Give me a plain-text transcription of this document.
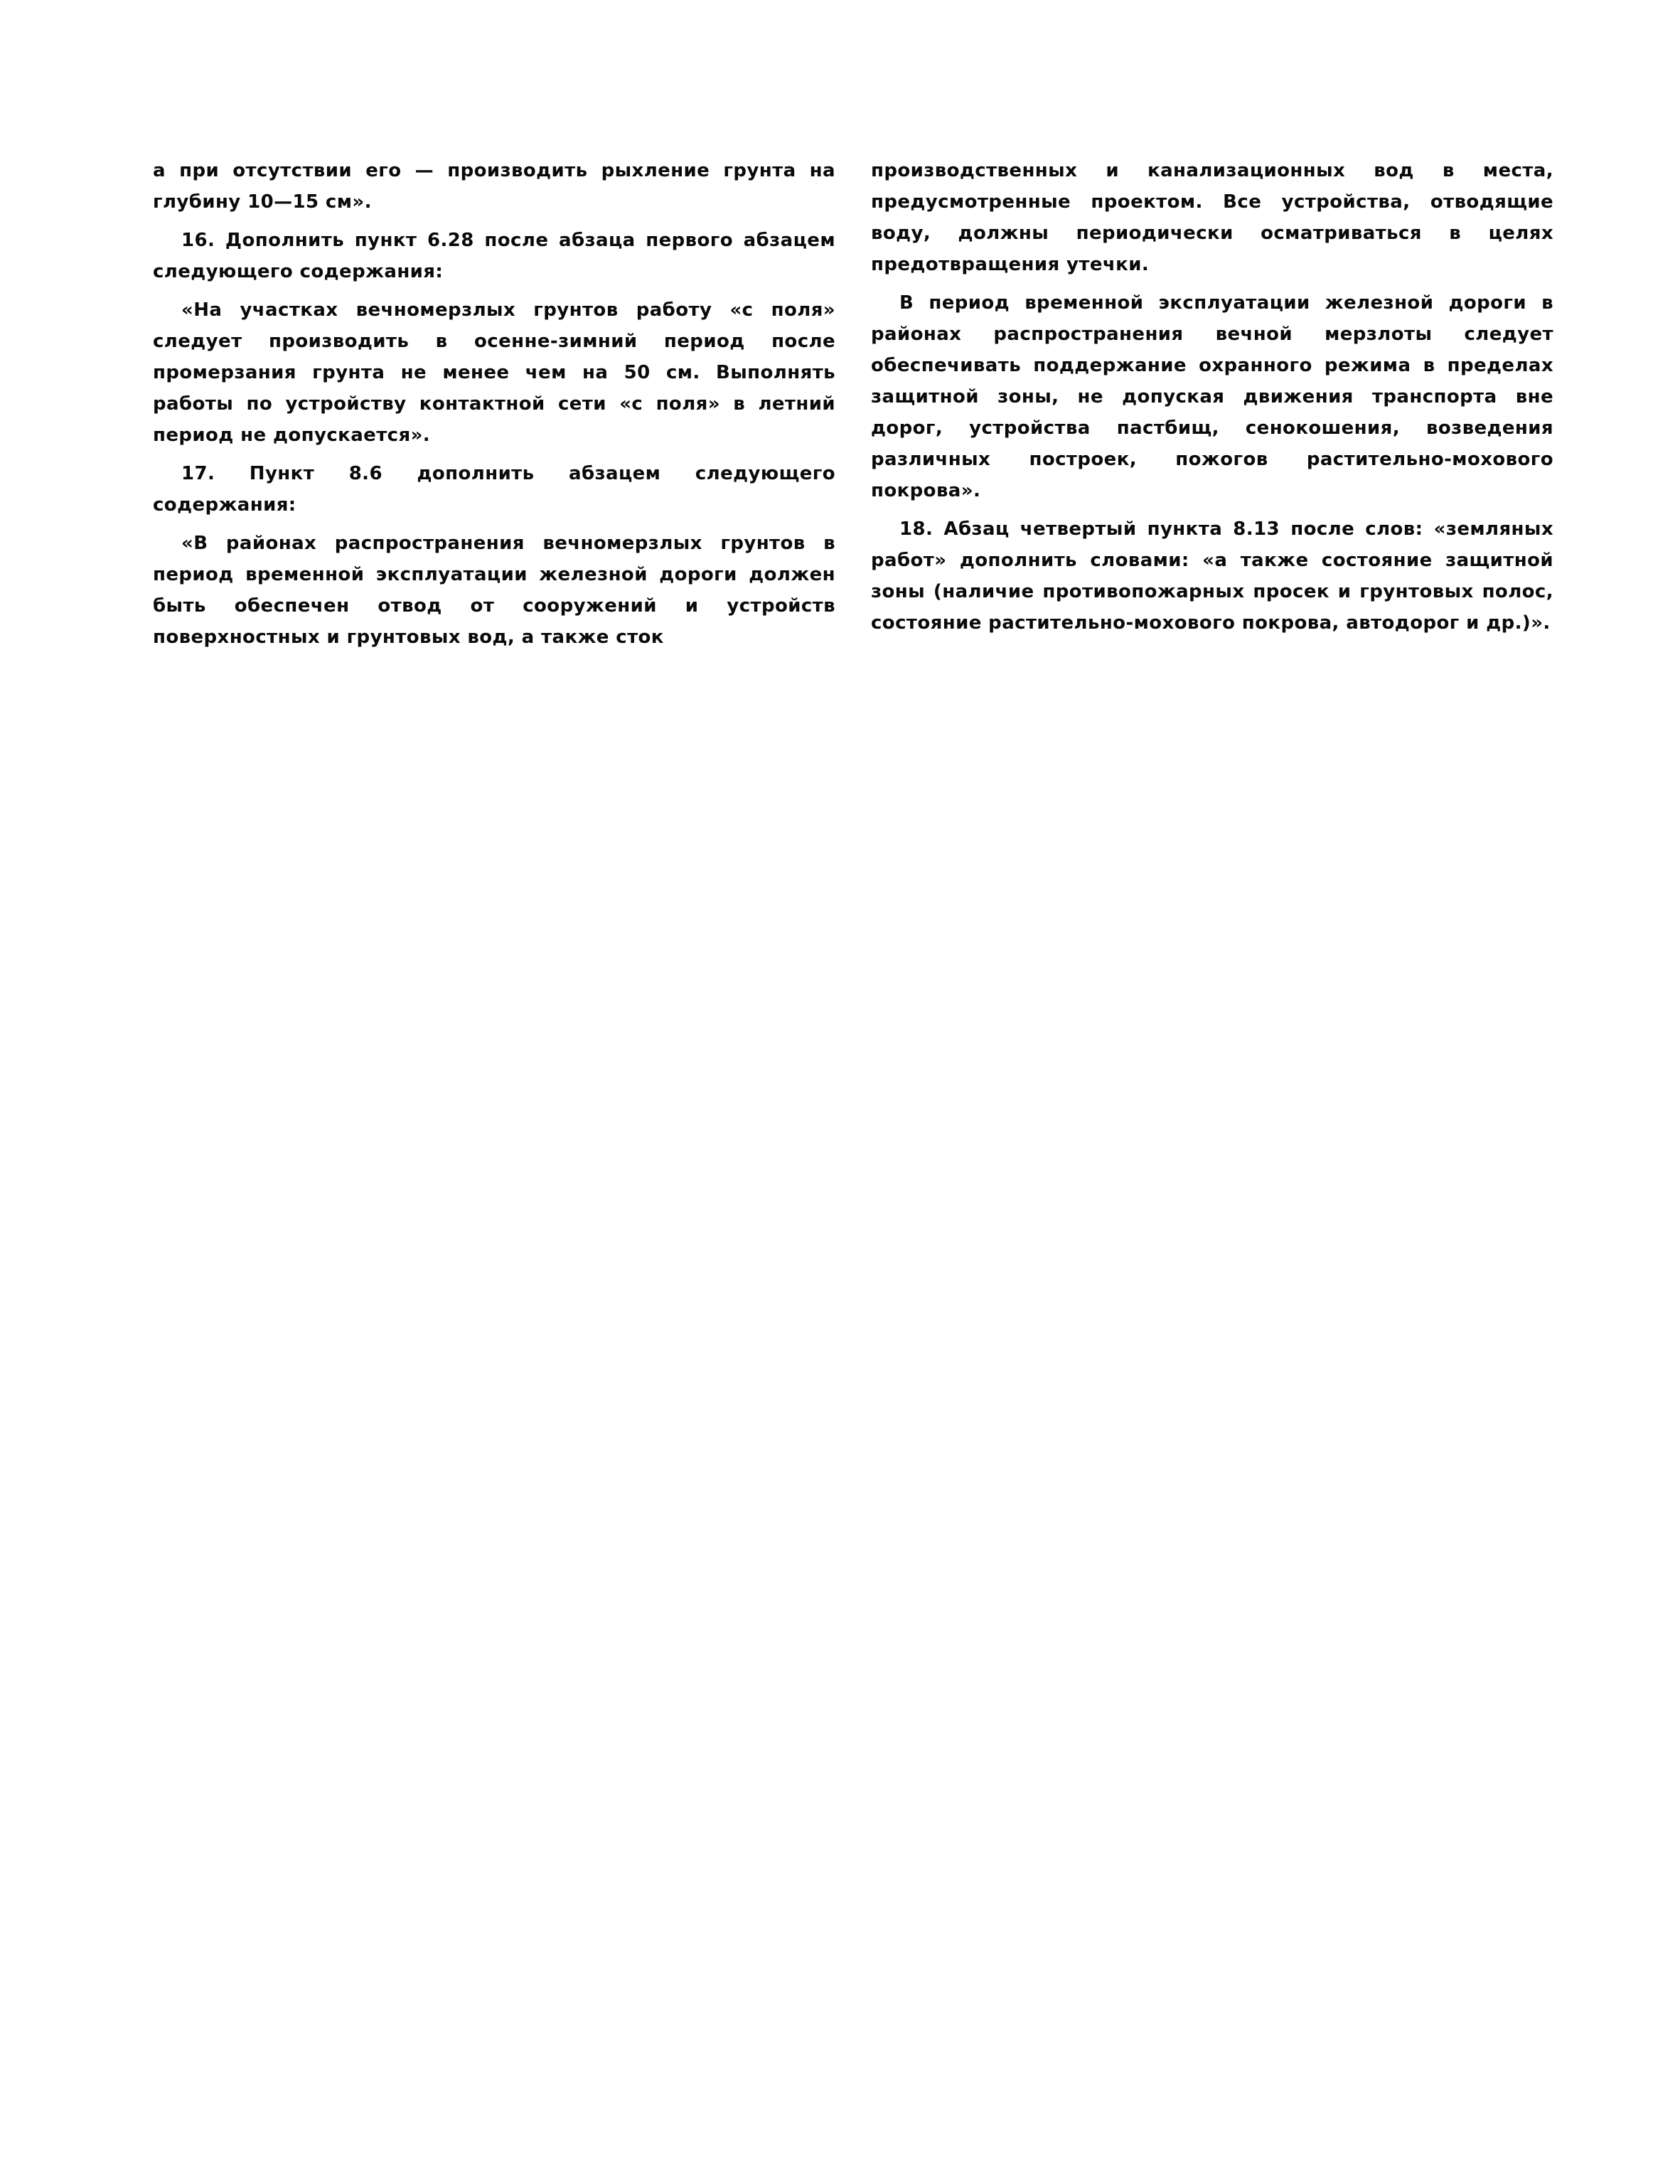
а при отсутствии его — производить рыхление грунта на глубину 10—15 см».

16. Дополнить пункт 6.28 после абзаца первого абзацем следующего содержания:

«На участках вечномерзлых грунтов работу «с поля» следует производить в осенне-зимний период после промерзания грунта не менее чем на 50 см. Выполнять работы по устройству контактной сети «с поля» в летний период не допускается».

17. Пункт 8.6 дополнить абзацем следующего содержания:

«В районах распространения вечномерзлых грунтов в период временной эксплуатации железной дороги должен быть обеспечен отвод от сооружений и устройств поверхностных и грунтовых вод, а также сток

производственных и канализационных вод в места, предусмотренные проектом. Все устройства, отводящие воду, должны периодически осматриваться в целях предотвращения утечки.

В период временной эксплуатации железной дороги в районах распространения вечной мерзлоты следует обеспечивать поддержание охранного режима в пределах защитной зоны, не допуская движения транспорта вне дорог, устройства пастбищ, сенокошения, возведения различных построек, пожогов растительно-мохового покрова».

18. Абзац четвертый пункта 8.13 после слов: «земляных работ» дополнить словами: «а также состояние защитной зоны (наличие противопожарных просек и грунтовых полос, состояние растительно-мохового покрова, автодорог и др.)».
